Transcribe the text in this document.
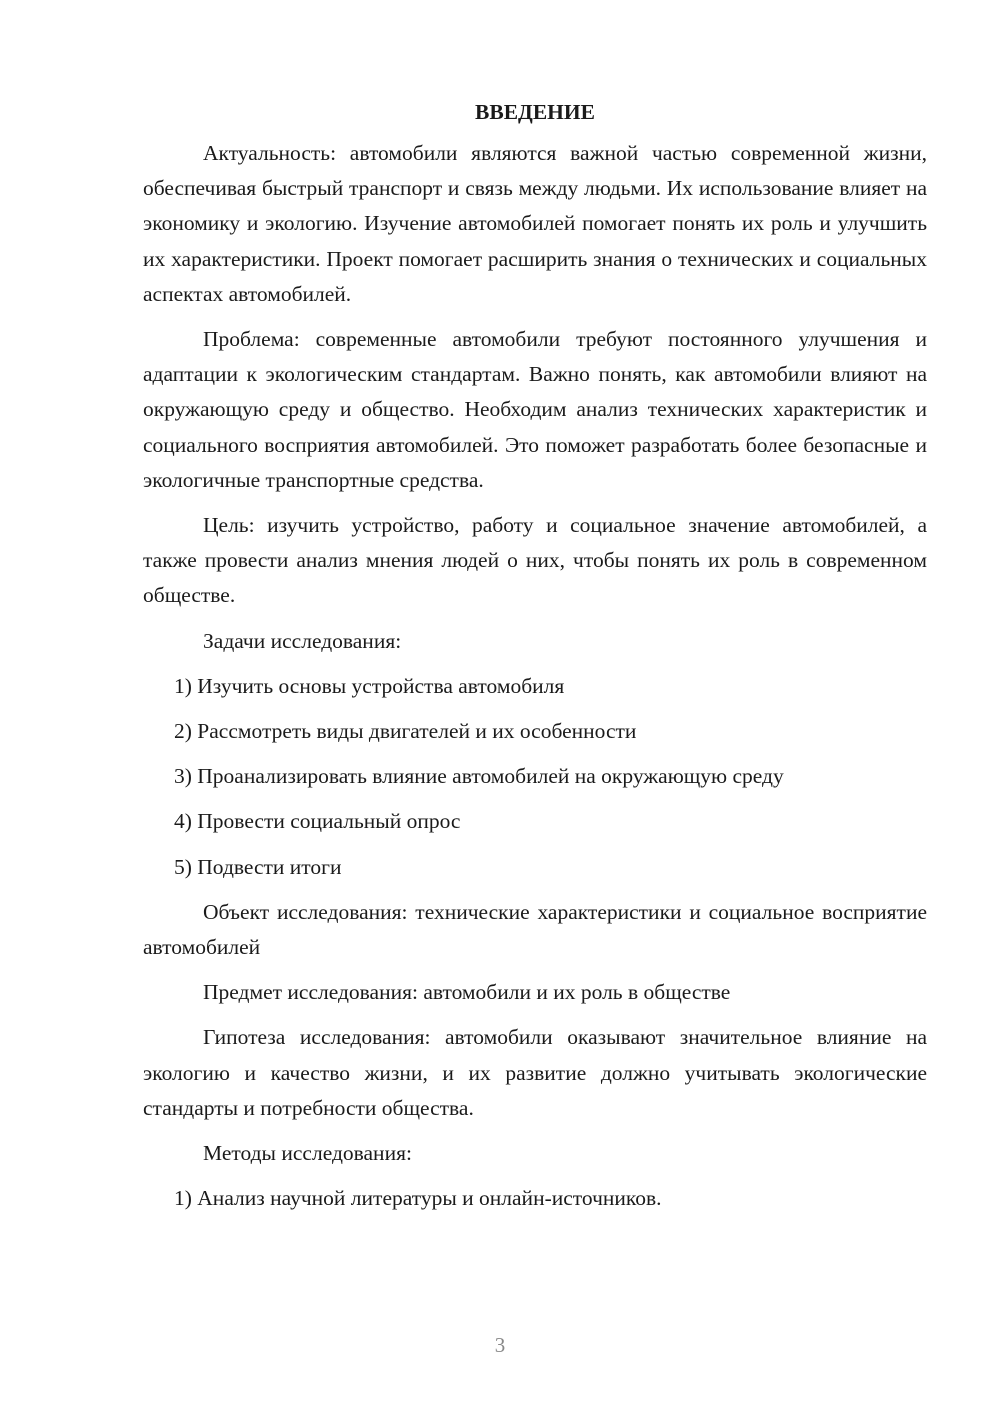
ВВЕДЕНИЕ

Актуальность: автомобили являются важной частью современной жизни, обеспечивая быстрый транспорт и связь между людьми. Их использование влияет на экономику и экологию. Изучение автомобилей помогает понять их роль и улучшить их характеристики. Проект помогает расширить знания о технических и социальных аспектах автомобилей.

Проблема: современные автомобили требуют постоянного улучшения и адаптации к экологическим стандартам. Важно понять, как автомобили влияют на окружающую среду и общество. Необходим анализ технических характеристик и социального восприятия автомобилей. Это поможет разработать более безопасные и экологичные транспортные средства.

Цель: изучить устройство, работу и социальное значение автомобилей, а также провести анализ мнения людей о них, чтобы понять их роль в современном обществе.

Задачи исследования:

1) Изучить основы устройства автомобиля

2) Рассмотреть виды двигателей и их особенности

3) Проанализировать влияние автомобилей на окружающую среду

4) Провести социальный опрос

5) Подвести итоги

Объект исследования: технические характеристики и социальное восприятие автомобилей

Предмет исследования: автомобили и их роль в обществе

Гипотеза исследования: автомобили оказывают значительное влияние на экологию и качество жизни, и их развитие должно учитывать экологические стандарты и потребности общества.

Методы исследования:

1) Анализ научной литературы и онлайн-источников.

3
